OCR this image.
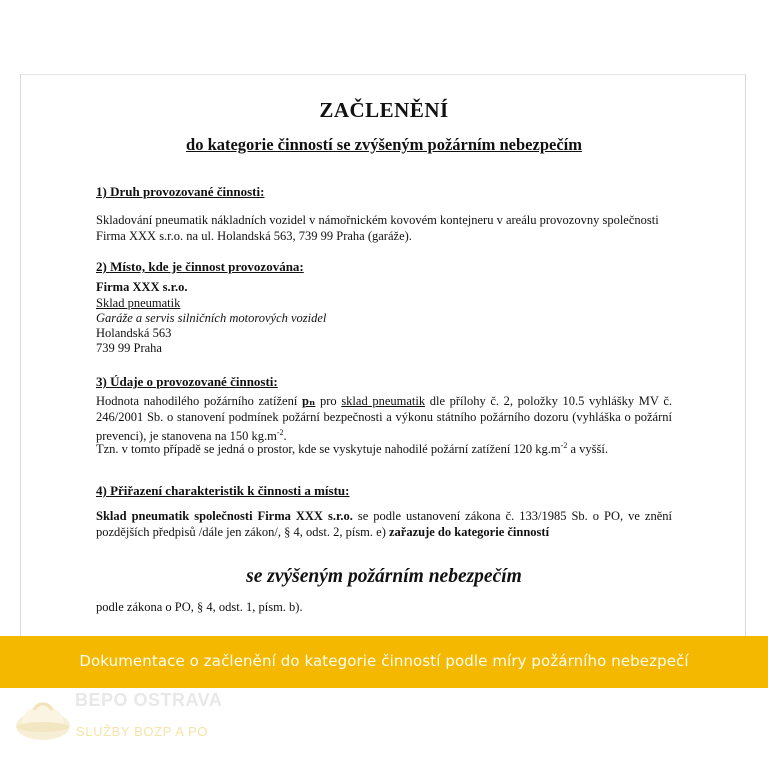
ZAČLENĚNÍ
do kategorie činností se zvýšeným požárním nebezpečím
1) Druh provozované činnosti:
Skladování pneumatik nákladních vozidel v námořnickém kovovém kontejneru v areálu provozovny společnosti Firma XXX s.r.o. na ul. Holandská 563, 739 99 Praha (garáže).
2) Místo, kde je činnost provozována:
Firma XXX s.r.o.
Sklad pneumatik
Garáže a servis silničních motorových vozidel
Holandská 563
739 99 Praha
3) Údaje o provozované činnosti:
Hodnota nahodilého požárního zatížení pₙ pro sklad pneumatik dle přílohy č. 2, položky 10.5 vyhlášky MV č. 246/2001 Sb. o stanovení podmínek požární bezpečnosti a výkonu státního požárního dozoru (vyhláška o požární prevenci), je stanovena na 150 $kg.m^{-2}$.
Tzn. v tomto případě se jedná o prostor, kde se vyskytuje nahodilé požární zatížení 120 $kg.m^{-2}$ a vyšší.
4) Přiřazení charakteristik k činnosti a místu:
Sklad pneumatik společnosti Firma XXX s.r.o. se podle ustanovení zákona č. 133/1985 Sb. o PO, ve znění pozdějších předpisů /dále jen zákon/, § 4, odst. 2, písm. e) zařazuje do kategorie činností
se zvýšeným požárním nebezpečím
podle zákona o PO, § 4, odst. 1, písm. b).
Dokumentace o začlenění do kategorie činností podle míry požárního nebezpečí
BEPO OSTRAVA
SLUŽBY BOZP A PO
